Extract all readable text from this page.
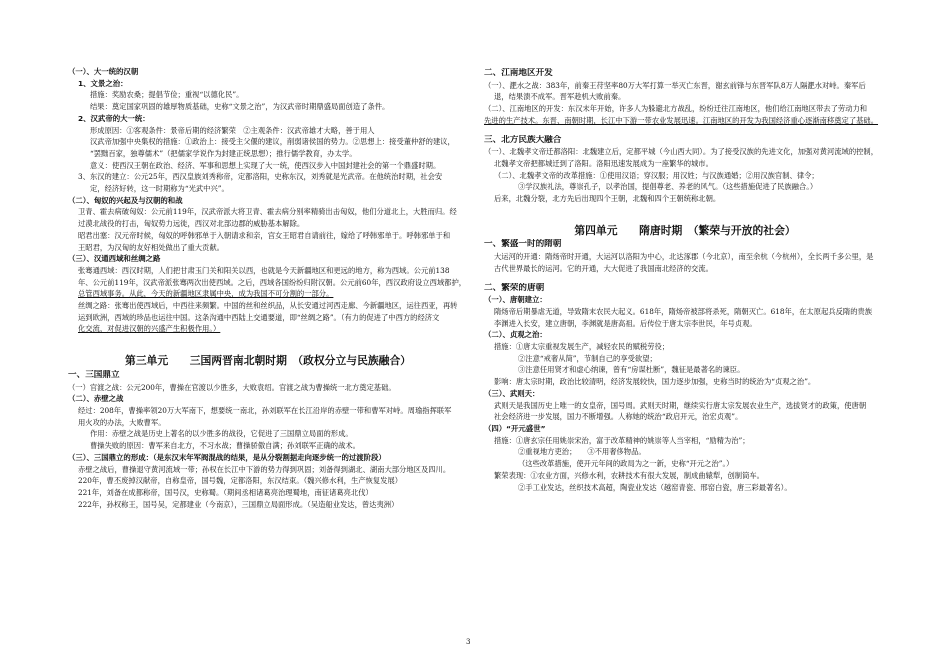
（一）、大一统的汉朝
1、文景之治：
措施：奖励农桑；提倡节俭；重视“以德化民”。
结果：奠定国家巩固的雄厚物质基础，史称“文景之治”，为汉武帝时期鼎盛局面创造了条件。
2、汉武帝的大一统：
形成原因：①客观条件：景帝后期的经济繁荣　②主观条件：汉武帝雄才大略，善于用人
汉武帝加强中央集权的措施：①政治上：接受主父偃的建议，削弱诸侯国的势力。②思想上：接受董仲舒的建议，
“罢黜百家，独尊儒术”（把儒家学说作为封建正统思想）；推行儒学教育，办太学。
意义：使西汉王朝在政治、经济、军事和思想上实现了大一统，使西汉步入中国封建社会的第一个鼎盛时期。
3、东汉的建立：公元25年，西汉皇族刘秀称帝，定都洛阳，史称东汉，刘秀就是光武帝。在他统治时期，社会安
定，经济好转，这一时期称为“光武中兴”。
（二）、匈奴的兴起及与汉朝的和战
卫青、霍去病破匈奴：公元前119年，汉武帝派大将卫青、霍去病分别率精骑出击匈奴，他们分道北上，大胜而归。经
过漠北战役的打击，匈奴势力远徙，西汉对北部边郡的威胁基本解除。
昭君出塞：汉元帝时候，匈奴的呼韩邪单于入朝请求和亲，宫女王昭君自请前往，嫁给了呼韩邪单于。呼韩邪单于和
王昭君，为汉匈的友好相处做出了重大贡献。
（三）、汉通西域和丝绸之路
张骞通西域：西汉时期，人们把甘肃玉门关和阳关以西，也就是今天新疆地区和更远的地方，称为西域。公元前138
年、公元前119年，汉武帝派张骞两次出使西域。之后，西域各国纷纷归附汉朝。公元前60年，西汉政府设立西域都护，
总管西域事务。从此，今天的新疆地区隶属中央，成为我国不可分割的一部分。
丝绸之路：张骞出使西域后，中西往来频繁。中国的丝和丝织品，从长安通过河西走廊、今新疆地区，运往西亚，再转
运到欧洲，西域的珍品也运往中国。这条沟通中西陆上交通要道，即“丝绸之路”。（有力的促进了中西方的经济文
化交流，对促进汉朝的兴盛产生积极作用。）
第三单元　　三国两晋南北朝时期　（政权分立与民族融合）
一、三国鼎立
（一）官渡之战：公元200年，曹操在官渡以少胜多，大败袁绍。官渡之战为曹操统一北方奠定基础。
（二）、赤壁之战
经过：208年，曹操率领20万大军南下，想要统一南北，孙刘联军在长江沿岸的赤壁一带和曹军对峙。周瑜指挥联军
用火攻的办法，大败曹军。
作用：赤壁之战是历史上著名的以少胜多的战役，它促进了三国鼎立局面的形成。
曹操失败的原因：曹军来自北方，不习水战；曹操骄傲自满；孙刘联军正确的战术。
（三）、三国鼎立的形成：（是东汉末年军阀混战的结果，是从分裂割据走向逐步统一的过渡阶段）
赤壁之战后，曹操退守黄河流域一带；孙权在长江中下游的势力得到巩固；刘备得到湖北、湖南大部分地区及四川。
220年，曹丕废掉汉献帝，自称皇帝，国号魏，定都洛阳，东汉结束。（魏兴修水利，生产恢复发展）
221年，刘备在成都称帝，国号汉，史称蜀。（期间丞相诸葛亮治理蜀地，南征诸葛亮北伐）
222年，孙权称王，国号吴，定都建业（今南京），三国鼎立局面形成。（吴造船业发达，曾达夷洲）
二、江南地区开发
（一）、淝水之战：383年，前秦王苻坚率80万大军打算一举灭亡东晋，谢玄前锋与东晋军队8万人隔淝水对峙。秦军后
退，结果溃不成军。晋军趁机大败前秦。
（二）、江南地区的开发：东汉末年开始，许多人为躲避北方战乱，纷纷迁往江南地区，他们给江南地区带去了劳动力和
先进的生产技术。东晋、南朝时期，长江中下游一带农业发展迅速。江南地区的开发为我国经济重心逐渐南移奠定了基础。
三、北方民族大融合
（一）、北魏孝文帝迁都洛阳：北魏建立后，定都平城（今山西大同）。为了接受汉族的先进文化，加强对黄河流域的控制，
北魏孝文帝把都城迁到了洛阳。洛阳迅速发展成为一座繁华的城市。
（二）、北魏孝文帝的改革措施：①使用汉语；穿汉服；用汉姓；与汉族通婚；②用汉族官制、律令；
③学汉族礼法，尊崇孔子，以孝治国，提倡尊老、养老的风气。（这些措施促进了民族融合。）
后来，北魏分裂，北方先后出现四个王朝，北魏和四个王朝统称北朝。
第四单元　　隋唐时期　（繁荣与开放的社会）
一、繁盛一时的隋朝
大运河的开通：隋炀帝时开通，大运河以洛阳为中心，北达涿郡（今北京），南至余杭（今杭州），全长两千多公里，是
古代世界最长的运河。它的开通，大大促进了我国南北经济的交流。
二、繁荣的唐朝
（一）、唐朝建立：
隋炀帝后期暴虐无道，导致隋末农民大起义。618年，隋炀帝被部将杀死，隋朝灭亡。618年，在太原起兵反隋的贵族
李渊进入长安，建立唐朝，李渊就是唐高祖。后传位于唐太宗李世民，年号贞观。
（二）、贞观之治：
措施：①唐太宗重视发展生产，减轻农民的赋税劳役；
②注意“戒奢从简”，节制自己的享受欲望；
③注意任用贤才和虚心纳谏，曾有“房谋杜断”，魏征是最著名的谏臣。
影响：唐太宗时期，政治比较清明，经济发展较快，国力逐步加强，史称当时的统治为“贞观之治”。
（三）、武则天：
武则天是我国历史上唯一的女皇帝，国号周。武则天时期，继续实行唐太宗发展农业生产，选拔贤才的政策，使唐朝
社会经济进一步发展，国力不断增强。人称她的统治“政启开元，治宏贞观”。
（四）“开元盛世”
措施：①唐玄宗任用姚崇宋治，富于改革精神的姚崇等人当宰相，“励精为治”；
②重视地方吏治；　　③不用奢侈物品。
（这些改革措施，使开元年间的政局为之一新，史称“开元之治”。）
繁荣表现：①农业方面，兴修水利，农耕技术有很大发展，制成曲辕犁，创制筒车。
②手工业发达，丝织技术高超，陶瓷业发达（越窑青瓷、邢窑白瓷，唐三彩最著名）。
3
